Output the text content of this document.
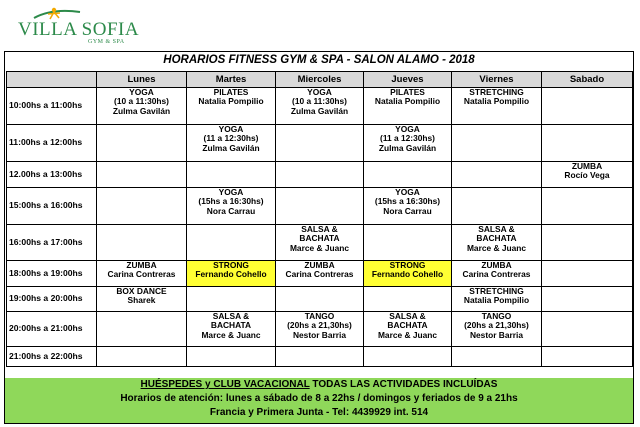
VILLA SOFIA
GYM & SPA
HORARIOS FITNESS GYM & SPA - SALON ALAMO - 2018
	Lunes	Martes	Miercoles	Jueves	Viernes	Sabado
10:00hs a 11:00hs	YOGA
(10 a 11:30hs)
Zulma Gavilán	PILATES
Natalia Pompilio	YOGA
(10 a 11:30hs)
Zulma Gavilán	PILATES
Natalia Pompilio	STRETCHING
Natalia Pompilio	

11:00hs a 12:00hs		YOGA
(11 a 12:30hs)
Zulma Gavilán		YOGA
(11 a 12:30hs)
Zulma Gavilán		

12.00hs a 13:00hs						ZUMBA
Rocío Vega

15:00hs a 16:00hs		YOGA
(15hs a 16:30hs)
Nora Carrau		YOGA
(15hs a 16:30hs)
Nora Carrau		

16:00hs a 17:00hs			SALSA &
BACHATA
Marce & Juanc		SALSA &
BACHATA
Marce & Juanc	

18:00hs a 19:00hs	ZUMBA
Carina Contreras	STRONG
Fernando Cohello	ZUMBA
Carina Contreras	STRONG
Fernando Cohello	ZUMBA
Carina Contreras	

19:00hs a 20:00hs	BOX DANCE
Sharek				STRETCHING
Natalia Pompilio	

20:00hs a 21:00hs		SALSA &
BACHATA
Marce & Juanc	TANGO
(20hs a 21,30hs)
Nestor Barria	SALSA &
BACHATA
Marce & Juanc	TANGO
(20hs a 21,30hs)
Nestor Barria	

21:00hs a 22:00hs						
HUÉSPEDES y CLUB VACACIONAL TODAS LAS ACTIVIDADES INCLUÍDAS
Horarios de atención: lunes a sábado de 8 a 22hs / domingos y feriados de 9 a 21hs
Francia y Primera Junta - Tel: 4439929 int. 514
